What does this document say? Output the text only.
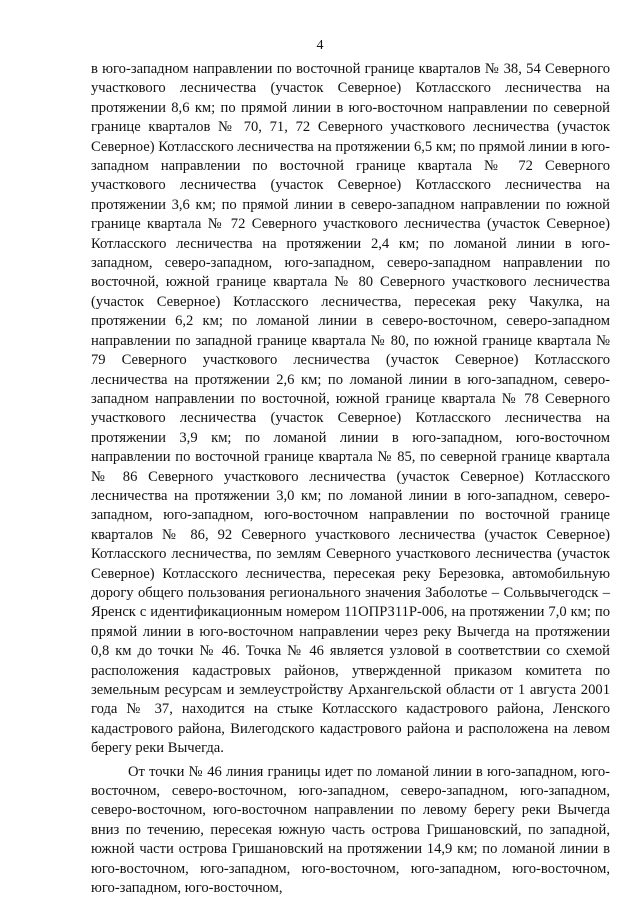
4

в юго-западном направлении по восточной границе кварталов № 38, 54 Северного участкового лесничества (участок Северное) Котласского лесничества на протяжении 8,6 км; по прямой линии в юго-восточном направлении по северной границе кварталов № 70, 71, 72 Северного участкового лесничества (участок Северное) Котласского лесничества на протяжении 6,5 км; по прямой линии в юго-западном направлении по восточной границе квартала № 72 Северного участкового лесничества (участок Северное) Котласского лесничества на протяжении 3,6 км; по прямой линии в северо-западном направлении по южной границе квартала № 72 Северного участкового лесничества (участок Северное) Котласского лесничества на протяжении 2,4 км; по ломаной линии в юго-западном, северо-западном, юго-западном, северо-западном направлении по восточной, южной границе квартала № 80 Северного участкового лесничества (участок Северное) Котласского лесничества, пересекая реку Чакулка, на протяжении 6,2 км; по ломаной линии в северо-восточном, северо-западном направлении по западной границе квартала № 80, по южной границе квартала № 79 Северного участкового лесничества (участок Северное) Котласского лесничества на протяжении 2,6 км; по ломаной линии в юго-западном, северо-западном направлении по восточной, южной границе квартала № 78 Северного участкового лесничества (участок Северное) Котласского лесничества на протяжении 3,9 км; по ломаной линии в юго-западном, юго-восточном направлении по восточной границе квартала № 85, по северной границе квартала № 86 Северного участкового лесничества (участок Северное) Котласского лесничества на протяжении 3,0 км; по ломаной линии в юго-западном, северо-западном, юго-западном, юго-восточном направлении по восточной границе кварталов № 86, 92 Северного участкового лесничества (участок Северное) Котласского лесничества, по землям Северного участкового лесничества (участок Северное) Котласского лесничества, пересекая реку Березовка, автомобильную дорогу общего пользования регионального значения Заболотье – Сольвычегодск – Яренск с идентификационным номером 11ОПРЗ11Р-006, на протяжении 7,0 км; по прямой линии в юго-восточном направлении через реку Вычегда на протяжении 0,8 км до точки № 46. Точка № 46 является узловой в соответствии со схемой расположения кадастровых районов, утвержденной приказом комитета по земельным ресурсам и землеустройству Архангельской области от 1 августа 2001 года № 37, находится на стыке Котласского кадастрового района, Ленского кадастрового района, Вилегодского кадастрового района и расположена на левом берегу реки Вычегда.

От точки № 46 линия границы идет по ломаной линии в юго-западном, юго-восточном, северо-восточном, юго-западном, северо-западном, юго-западном, северо-восточном, юго-восточном направлении по левому берегу реки Вычегда вниз по течению, пересекая южную часть острова Гришановский, по западной, южной части острова Гришановский на протяжении 14,9 км; по ломаной линии в юго-восточном, юго-западном, юго-восточном, юго-западном, юго-восточном, юго-западном, юго-восточном,
